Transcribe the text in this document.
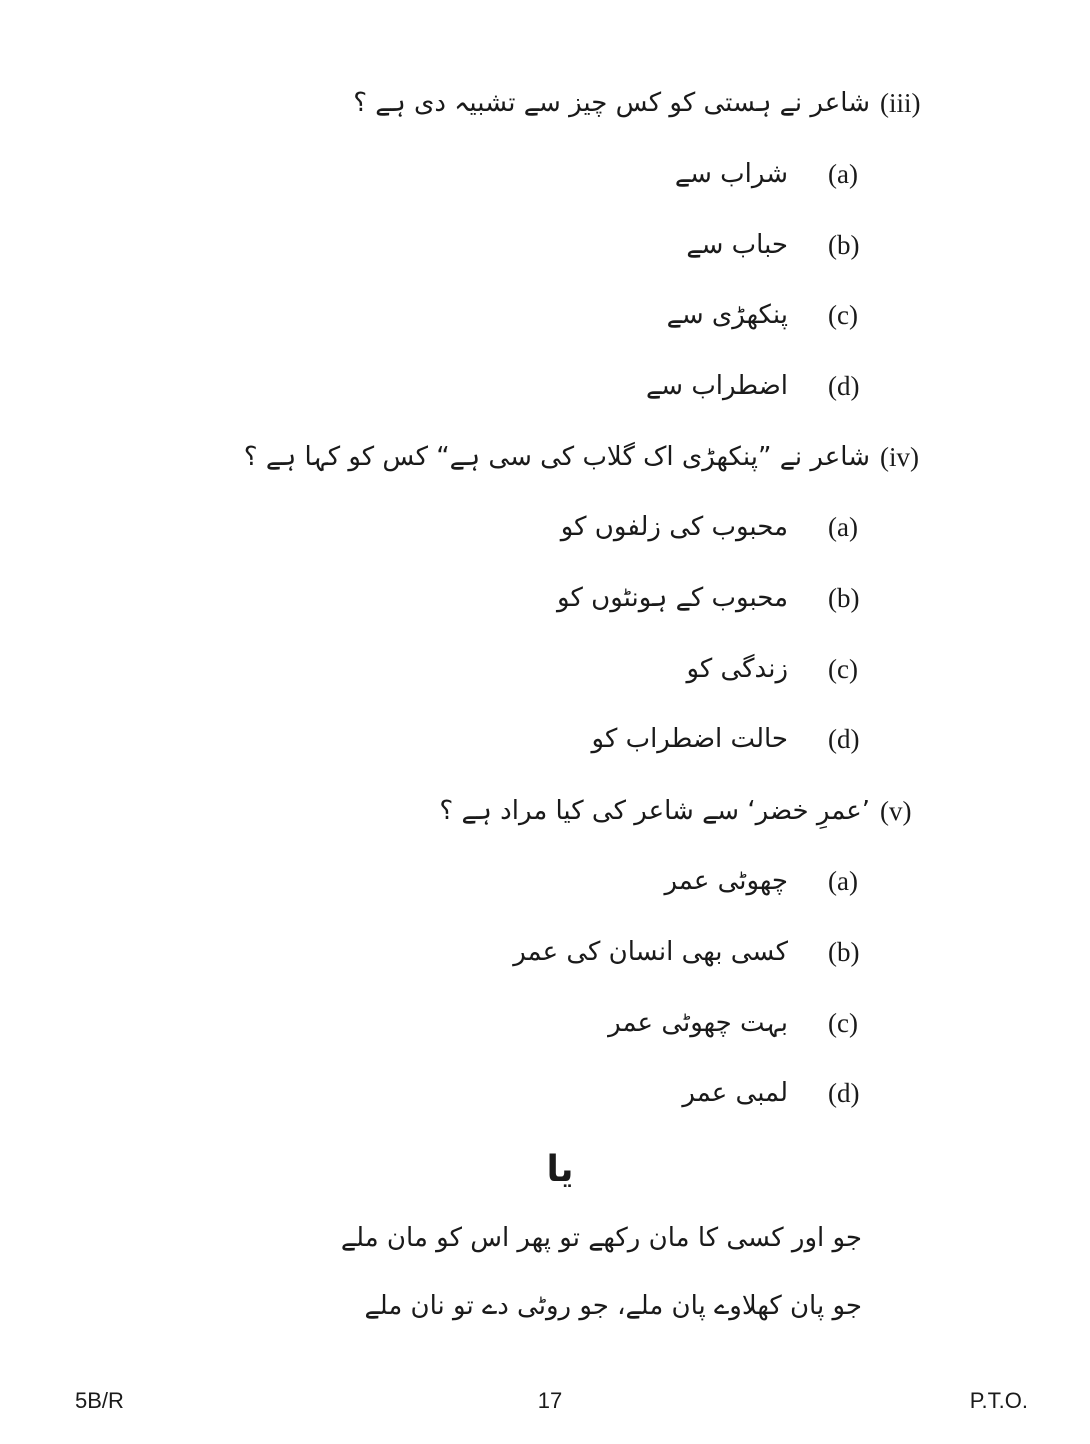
(iii)
شاعر نے ہستی کو کس چیز سے تشبیہ دی ہے ؟
(a)
شراب سے
(b)
حباب سے
(c)
پنکھڑی سے
(d)
اضطراب سے
(iv)
شاعر نے ”پنکھڑی اک گلاب کی سی ہے“ کس کو کہا ہے ؟
(a)
محبوب کی زلفوں کو
(b)
محبوب کے ہونٹوں کو
(c)
زندگی کو
(d)
حالت اضطراب کو
(v)
’عمرِ خضر‘ سے شاعر کی کیا مراد ہے ؟
(a)
چھوٹی عمر
(b)
کسی بھی انسان کی عمر
(c)
بہت چھوٹی عمر
(d)
لمبی عمر
یا
جو اور کسی کا مان رکھے تو پھر اس کو مان ملے
جو پان کھلاوے پان ملے، جو روٹی دے تو نان ملے
5B/R	17	P.T.O.
